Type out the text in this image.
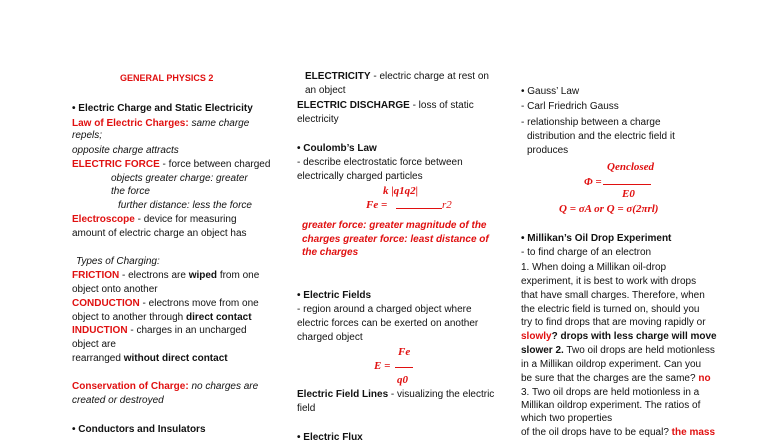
GENERAL PHYSICS 2
• Electric Charge and Static Electricity
Law of Electric Charges: same charge
repels;
opposite charge attracts
ELECTRIC FORCE - force between charged
objects greater charge: greater
the force
further distance: less the force
Electroscope - device for measuring
amount of electric charge an object has
Types of Charging:
FRICTION - electrons are wiped from one
object onto another
CONDUCTION - electrons move from one
object to another through direct contact
INDUCTION - charges in an uncharged
object are
rearranged without direct contact
Conservation of Charge: no charges are
created or destroyed
• Conductors and Insulators
ELECTRICITY - electric charge at rest on
an object
ELECTRIC DISCHARGE - loss of static
electricity
• Coulomb’s Law
- describe electrostatic force between
electrically charged particles
k |q1q2|
Fe =	r2
greater force: greater magnitude of the
charges greater force: least distance of
the charges
• Electric Fields
- region around a charged object where
electric forces can be exerted on another
charged object
Fe
E =
q0
Electric Field Lines - visualizing the electric
field
• Electric Flux
• Gauss’ Law
- Carl Friedrich Gauss
- relationship between a charge
distribution and the electric field it
produces
Qenclosed
Φ =
E0
Q = σA or Q = σ(2πrl)
• Millikan’s Oil Drop Experiment
- to find charge of an electron
1. When doing a Millikan oil-drop
experiment, it is best to work with drops
that have small charges. Therefore, when
the electric field is turned on, should you
try to find drops that are moving rapidly or
slowly? drops with less charge will move
slower 2. Two oil drops are held motionless
in a Millikan oildrop experiment. Can you
be sure that the charges are the same? no
3. Two oil drops are held motionless in a
Millikan oildrop experiment. The ratios of
which two properties
of the oil drops have to be equal? the mass
